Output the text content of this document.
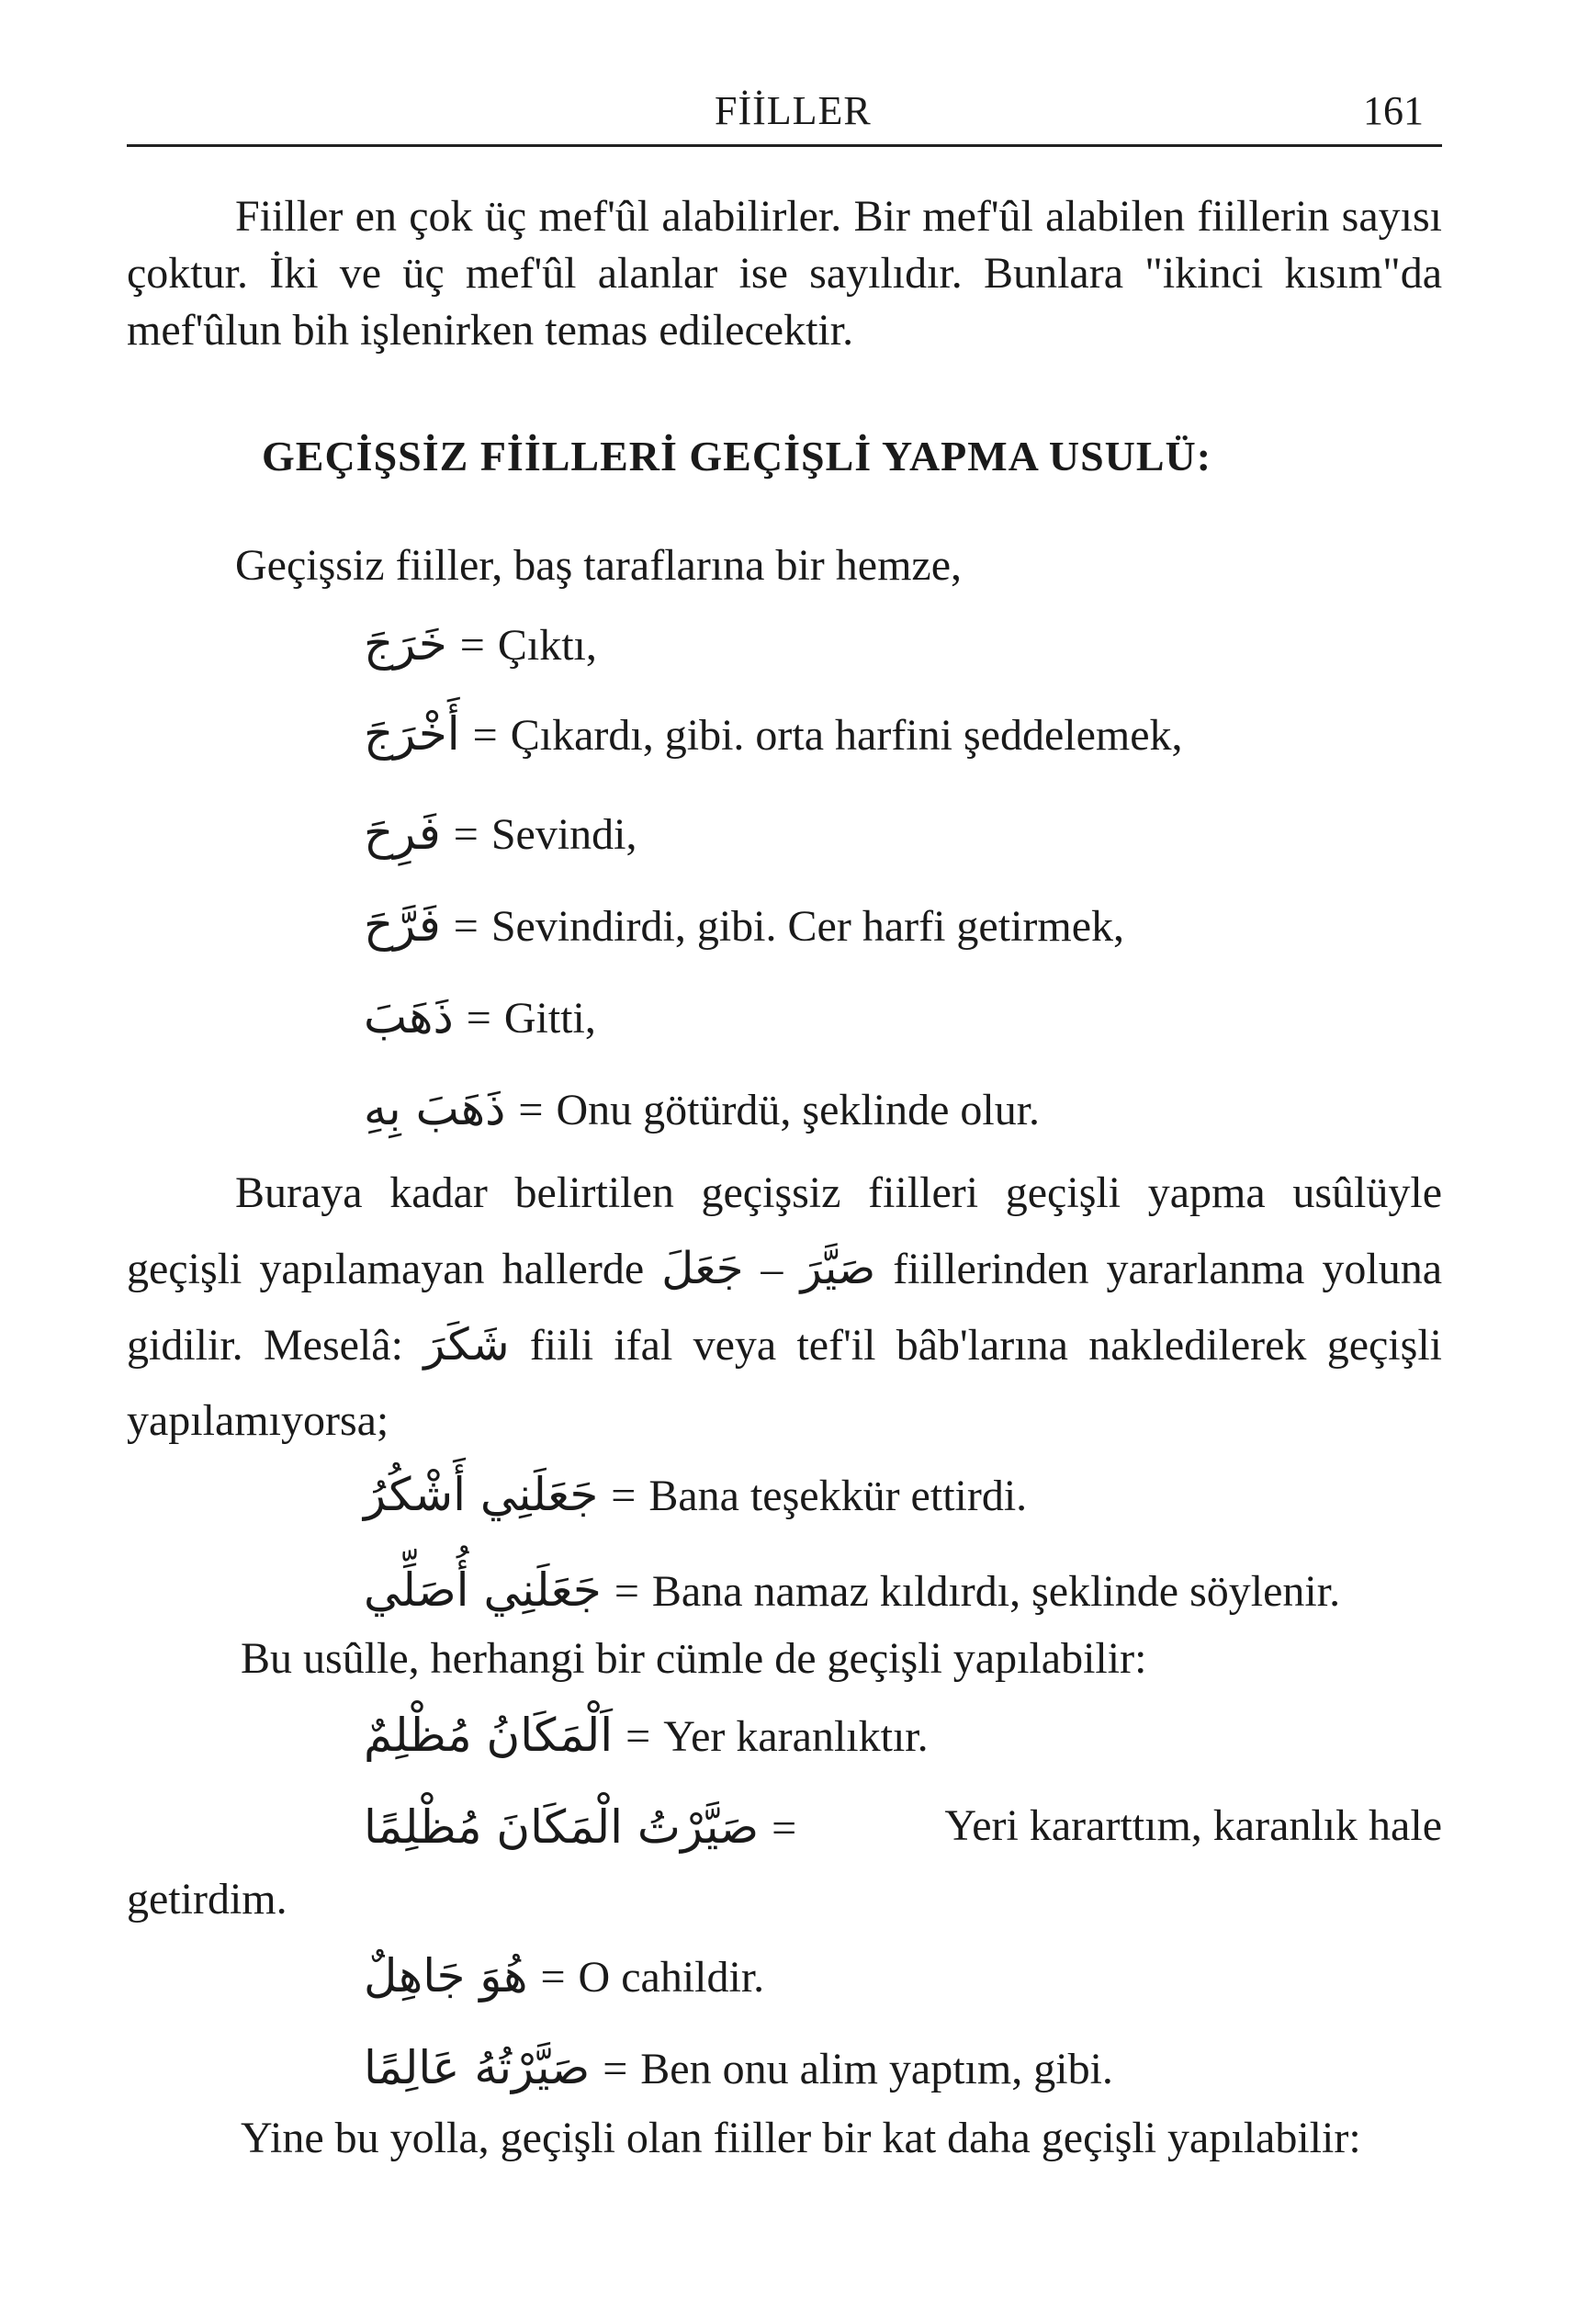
FİİLLER	161
Fiiller en çok üç mef'ûl alabilirler. Bir mef'ûl alabilen fiillerin sayısı çoktur. İki ve üç mef'ûl alanlar ise sayılıdır. Bunlara "ikinci kısım"da mef'ûlun bih işlenirken temas edilecektir.
GEÇİŞSİZ FİİLLERİ GEÇİŞLİ YAPMA USULÜ:
Geçişsiz fiiller, baş taraflarına bir hemze,
خَرَجَ = Çıktı,
أَخْرَجَ = Çıkardı, gibi. orta harfini şeddelemek,
فَرِحَ = Sevindi,
فَرَّحَ = Sevindirdi, gibi. Cer harfi getirmek,
ذَهَبَ = Gitti,
ذَهَبَ بِهِ = Onu götürdü, şeklinde olur.
Buraya kadar belirtilen geçişsiz fiilleri geçişli yapma usûlüyle geçişli yapılamayan hallerde جَعَلَ – صَيَّرَ fiillerinden yararlanma yoluna gidilir. Meselâ: شَكَرَ fiili ifal veya tef'il bâb'larına nakledilerek geçişli yapılamıyorsa;
جَعَلَنِي أَشْكُرُ = Bana teşekkür ettirdi.
جَعَلَنِي أُصَلِّي = Bana namaz kıldırdı, şeklinde söylenir.
Bu usûlle, herhangi bir cümle de geçişli yapılabilir:
اَلْمَكَانُ مُظْلِمٌ = Yer karanlıktır.
صَيَّرْتُ الْمَكَانَ مُظْلِمًا =	Yeri kararttım, karanlık hale
getirdim.
هُوَ جَاهِلٌ = O cahildir.
صَيَّرْتُهُ عَالِمًا = Ben onu alim yaptım, gibi.
Yine bu yolla, geçişli olan fiiller bir kat daha geçişli yapılabilir:
